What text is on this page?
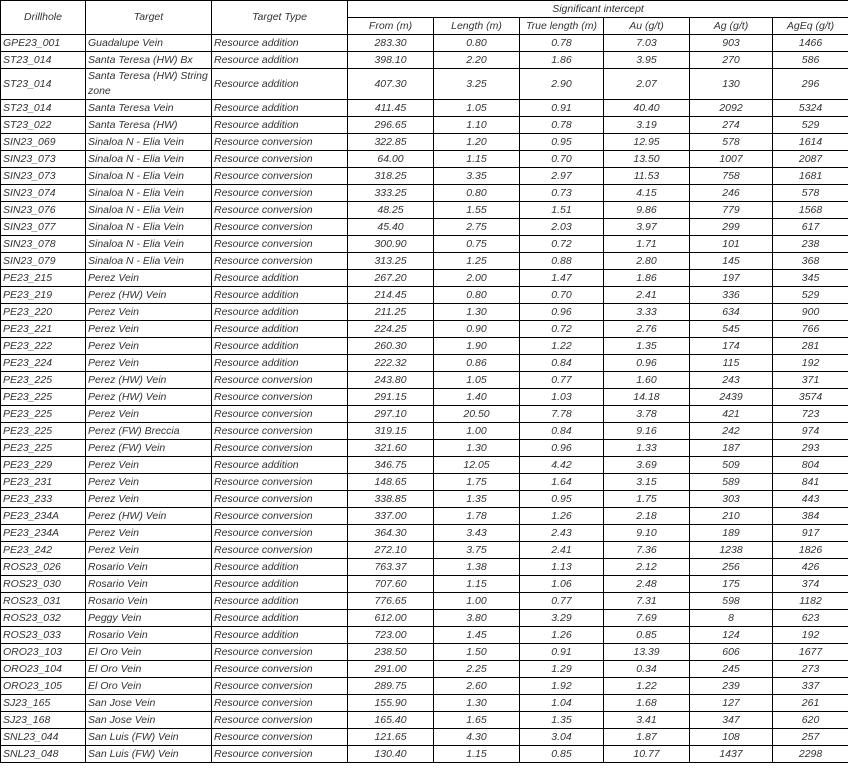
Drillhole	Target	Target Type	Significant intercept					
			From (m)	Length (m)	True length (m)	Au (g/t)	Ag (g/t)	AgEq (g/t)
GPE23_001	Guadalupe Vein	Resource addition	283.30	0.80	0.78	7.03	903	1466
ST23_014	Santa Teresa (HW) Bx	Resource addition	398.10	2.20	1.86	3.95	270	586
ST23_014	Santa Teresa (HW) String zone	Resource addition	407.30	3.25	2.90	2.07	130	296
ST23_014	Santa Teresa Vein	Resource addition	411.45	1.05	0.91	40.40	2092	5324
ST23_022	Santa Teresa (HW)	Resource addition	296.65	1.10	0.78	3.19	274	529
SIN23_069	Sinaloa N - Elia Vein	Resource conversion	322.85	1.20	0.95	12.95	578	1614
SIN23_073	Sinaloa N - Elia Vein	Resource conversion	64.00	1.15	0.70	13.50	1007	2087
SIN23_073	Sinaloa N - Elia Vein	Resource conversion	318.25	3.35	2.97	11.53	758	1681
SIN23_074	Sinaloa N - Elia Vein	Resource conversion	333.25	0.80	0.73	4.15	246	578
SIN23_076	Sinaloa N - Elia Vein	Resource conversion	48.25	1.55	1.51	9.86	779	1568
SIN23_077	Sinaloa N - Elia Vein	Resource conversion	45.40	2.75	2.03	3.97	299	617
SIN23_078	Sinaloa N - Elia Vein	Resource conversion	300.90	0.75	0.72	1.71	101	238
SIN23_079	Sinaloa N - Elia Vein	Resource conversion	313.25	1.25	0.88	2.80	145	368
PE23_215	Perez Vein	Resource addition	267.20	2.00	1.47	1.86	197	345
PE23_219	Perez (HW) Vein	Resource addition	214.45	0.80	0.70	2.41	336	529
PE23_220	Perez Vein	Resource addition	211.25	1.30	0.96	3.33	634	900
PE23_221	Perez Vein	Resource addition	224.25	0.90	0.72	2.76	545	766
PE23_222	Perez Vein	Resource addition	260.30	1.90	1.22	1.35	174	281
PE23_224	Perez Vein	Resource addition	222.32	0.86	0.84	0.96	115	192
PE23_225	Perez (HW) Vein	Resource conversion	243.80	1.05	0.77	1.60	243	371
PE23_225	Perez (HW) Vein	Resource conversion	291.15	1.40	1.03	14.18	2439	3574
PE23_225	Perez Vein	Resource conversion	297.10	20.50	7.78	3.78	421	723
PE23_225	Perez (FW) Breccia	Resource conversion	319.15	1.00	0.84	9.16	242	974
PE23_225	Perez (FW) Vein	Resource conversion	321.60	1.30	0.96	1.33	187	293
PE23_229	Perez Vein	Resource addition	346.75	12.05	4.42	3.69	509	804
PE23_231	Perez Vein	Resource conversion	148.65	1.75	1.64	3.15	589	841
PE23_233	Perez Vein	Resource conversion	338.85	1.35	0.95	1.75	303	443
PE23_234A	Perez (HW) Vein	Resource conversion	337.00	1.78	1.26	2.18	210	384
PE23_234A	Perez Vein	Resource conversion	364.30	3.43	2.43	9.10	189	917
PE23_242	Perez Vein	Resource conversion	272.10	3.75	2.41	7.36	1238	1826
ROS23_026	Rosario Vein	Resource addition	763.37	1.38	1.13	2.12	256	426
ROS23_030	Rosario Vein	Resource addition	707.60	1.15	1.06	2.48	175	374
ROS23_031	Rosario Vein	Resource addition	776.65	1.00	0.77	7.31	598	1182
ROS23_032	Peggy Vein	Resource addition	612.00	3.80	3.29	7.69	8	623
ROS23_033	Rosario Vein	Resource addition	723.00	1.45	1.26	0.85	124	192
ORO23_103	El Oro Vein	Resource conversion	238.50	1.50	0.91	13.39	606	1677
ORO23_104	El Oro Vein	Resource conversion	291.00	2.25	1.29	0.34	245	273
ORO23_105	El Oro Vein	Resource conversion	289.75	2.60	1.92	1.22	239	337
SJ23_165	San Jose Vein	Resource conversion	155.90	1.30	1.04	1.68	127	261
SJ23_168	San Jose Vein	Resource conversion	165.40	1.65	1.35	3.41	347	620
SNL23_044	San Luis (FW) Vein	Resource conversion	121.65	4.30	3.04	1.87	108	257
SNL23_048	San Luis (FW) Vein	Resource conversion	130.40	1.15	0.85	10.77	1437	2298
